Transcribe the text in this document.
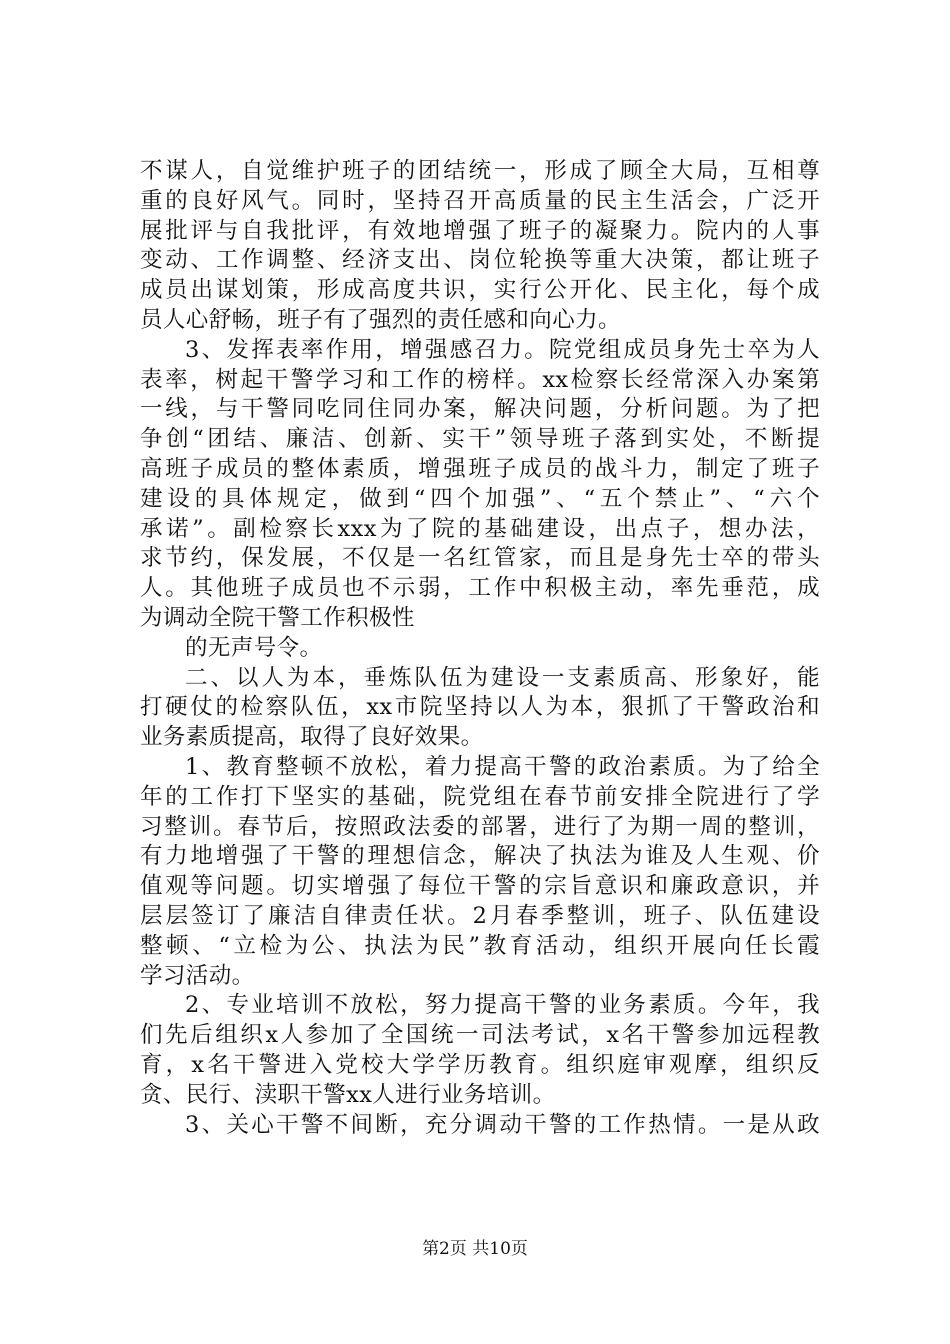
不谋人，自觉维护班子的团结统一，形成了顾全大局，互相尊
重的良好风气。同时，坚持召开高质量的民主生活会，广泛开
展批评与自我批评，有效地增强了班子的凝聚力。院内的人事
变动、工作调整、经济支出、岗位轮换等重大决策，都让班子
成员出谋划策，形成高度共识，实行公开化、民主化，每个成
员人心舒畅，班子有了强烈的责任感和向心力。
3、发挥表率作用，增强感召力。院党组成员身先士卒为人
表率，树起干警学习和工作的榜样。xx检察长经常深入办案第
一线，与干警同吃同住同办案，解决问题，分析问题。为了把
争创“团结、廉洁、创新、实干”领导班子落到实处，不断提
高班子成员的整体素质，增强班子成员的战斗力，制定了班子
建设的具体规定，做到“四个加强”、“五个禁止”、“六个
承诺”。副检察长xxx为了院的基础建设，出点子，想办法，
求节约，保发展，不仅是一名红管家，而且是身先士卒的带头
人。其他班子成员也不示弱，工作中积极主动，率先垂范，成
为调动全院干警工作积极性
的无声号令。
二、以人为本，垂炼队伍为建设一支素质高、形象好，能
打硬仗的检察队伍，xx市院坚持以人为本，狠抓了干警政治和
业务素质提高，取得了良好效果。
1、教育整顿不放松，着力提高干警的政治素质。为了给全
年的工作打下坚实的基础，院党组在春节前安排全院进行了学
习整训。春节后，按照政法委的部署，进行了为期一周的整训，
有力地增强了干警的理想信念，解决了执法为谁及人生观、价
值观等问题。切实增强了每位干警的宗旨意识和廉政意识，并
层层签订了廉洁自律责任状。2月春季整训，班子、队伍建设
整顿、“立检为公、执法为民”教育活动，组织开展向任长霞
学习活动。
2、专业培训不放松，努力提高干警的业务素质。今年，我
们先后组织x人参加了全国统一司法考试，x名干警参加远程教
育，x名干警进入党校大学学历教育。组织庭审观摩，组织反
贪、民行、渎职干警xx人进行业务培训。
3、关心干警不间断，充分调动干警的工作热情。一是从政
第2页 共10页
